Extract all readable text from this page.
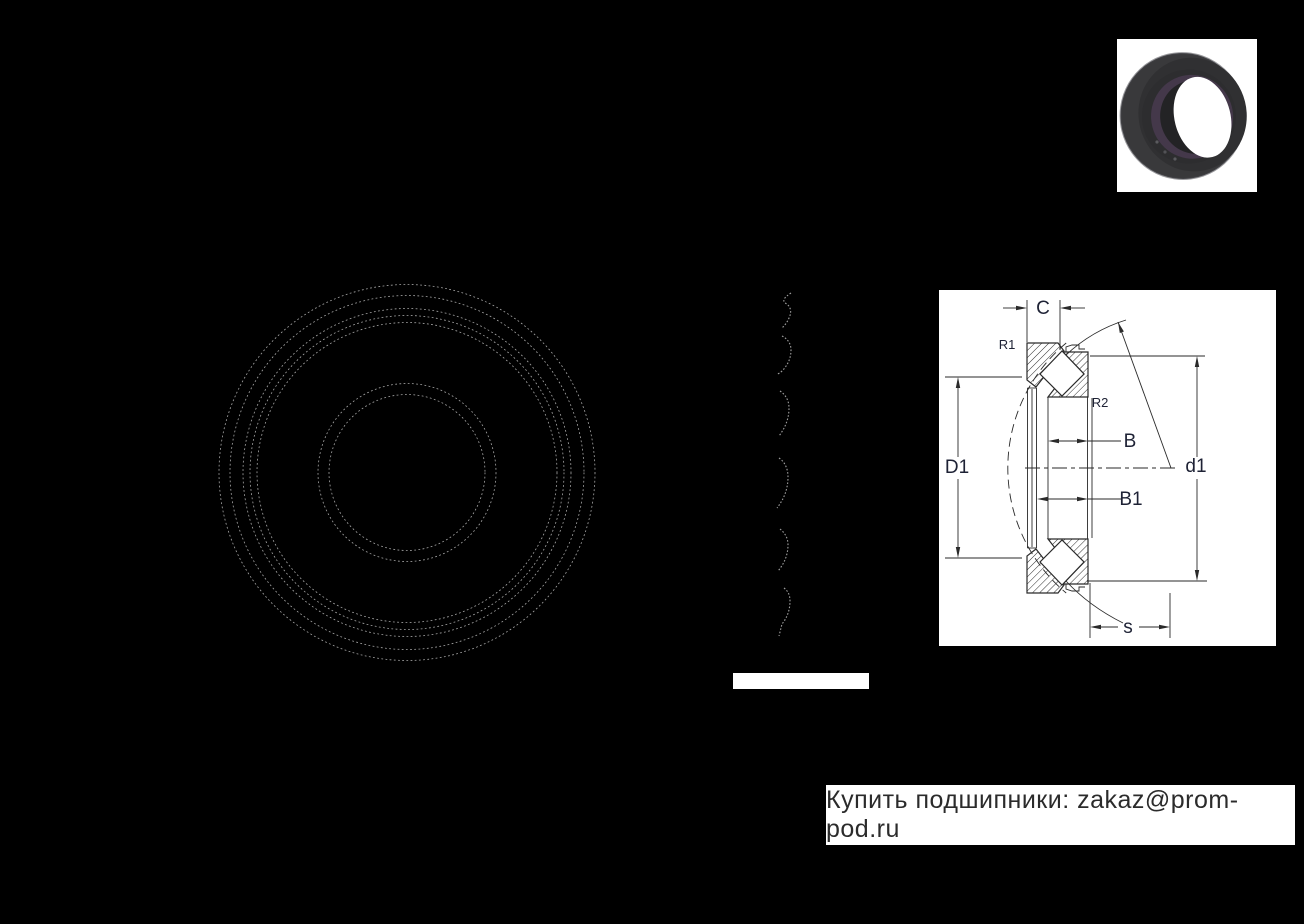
C
R1
R2
B
B1
D1	d1
s
Купить подшипники: zakaz@prom-pod.ru
